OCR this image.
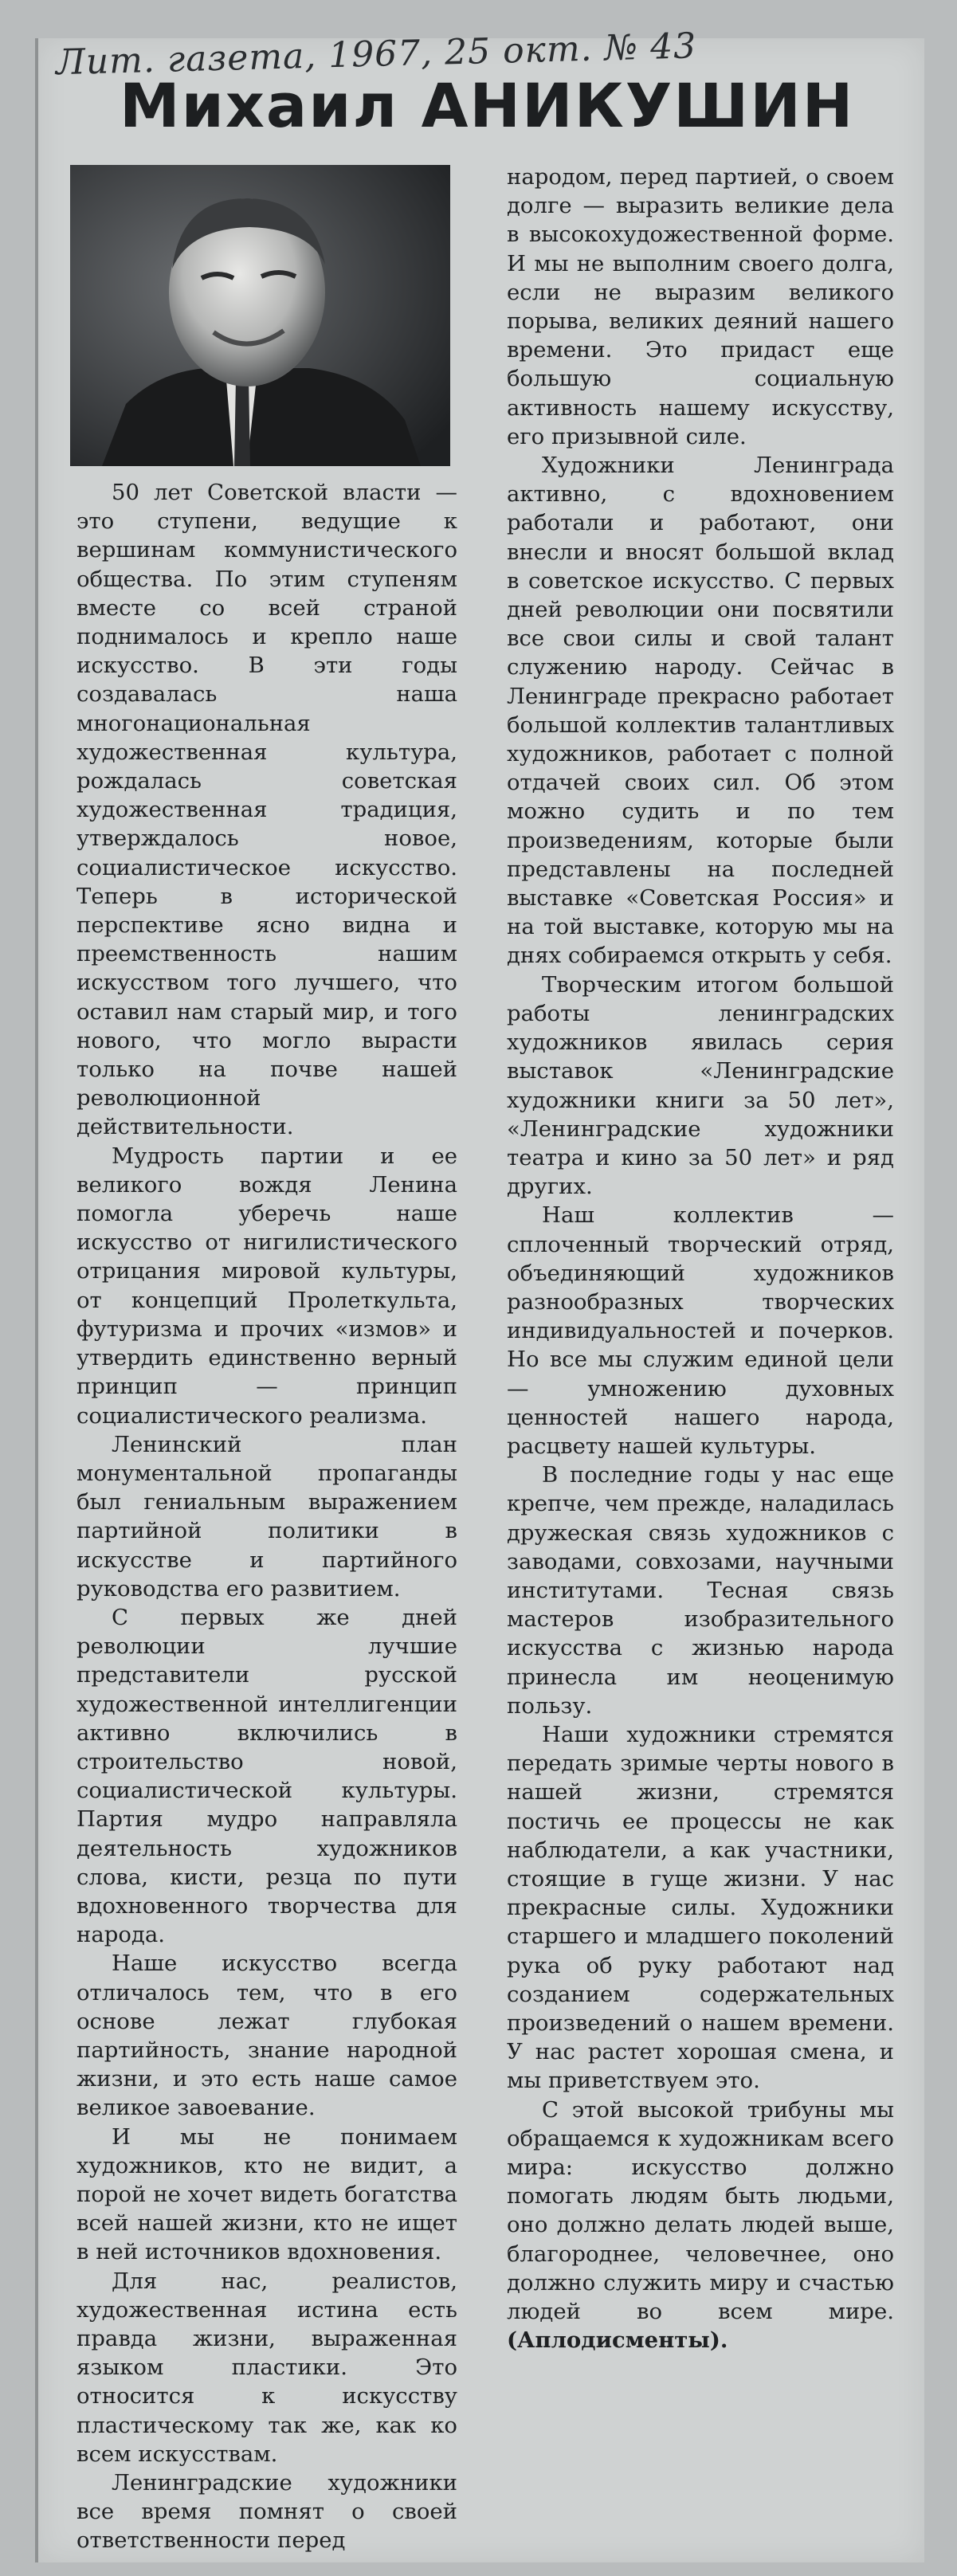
Лит. газета, 1967, 25 окт. № 43
Михаил АНИКУШИН

50 лет Советской власти — это ступени, ведущие к вершинам коммунистического общества. По этим ступеням вместе со всей страной поднималось и крепло наше искусство. В эти годы создавалась наша многонациональная художественная культура, рождалась советская художественная традиция, утверждалось новое, социалистическое искусство. Теперь в исторической перспективе ясно видна и преемственность нашим искусством того лучшего, что оставил нам старый мир, и того нового, что могло вырасти только на почве нашей революционной действительности.

Мудрость партии и ее великого вождя Ленина помогла уберечь наше искусство от нигилистического отрицания мировой культуры, от концепций Пролеткульта, футуризма и прочих «измов» и утвердить единственно верный принцип — принцип социалистического реализма.

Ленинский план монументальной пропаганды был гениальным выражением партийной политики в искусстве и партийного руководства его развитием.

С первых же дней революции лучшие представители русской художественной интеллигенции активно включились в строительство новой, социалистической культуры. Партия мудро направляла деятельность художников слова, кисти, резца по пути вдохновенного творчества для народа.

Наше искусство всегда отличалось тем, что в его основе лежат глубокая партийность, знание народной жизни, и это есть наше самое великое завоевание.

И мы не понимаем художников, кто не видит, а порой не хочет видеть богатства всей нашей жизни, кто не ищет в ней источников вдохновения.

Для нас, реалистов, художественная истина есть правда жизни, выраженная языком пластики. Это относится к искусству пластическому так же, как ко всем искусствам.

Ленинградские художники все время помнят о своей ответственности перед

народом, перед партией, о своем долге — выразить великие дела в высокохудожественной форме. И мы не выполним своего долга, если не выразим великого порыва, великих деяний нашего времени. Это придаст еще большую социальную активность нашему искусству, его призывной силе.

Художники Ленинграда активно, с вдохновением работали и работают, они внесли и вносят большой вклад в советское искусство. С первых дней революции они посвятили все свои силы и свой талант служению народу. Сейчас в Ленинграде прекрасно работает большой коллектив талантливых художников, работает с полной отдачей своих сил. Об этом можно судить и по тем произведениям, которые были представлены на последней выставке «Советская Россия» и на той выставке, которую мы на днях собираемся открыть у себя.

Творческим итогом большой работы ленинградских художников явилась серия выставок «Ленинградские художники книги за 50 лет», «Ленинградские художники театра и кино за 50 лет» и ряд других.

Наш коллектив — сплоченный творческий отряд, объединяющий художников разнообразных творческих индивидуальностей и почерков. Но все мы служим единой цели — умножению духовных ценностей нашего народа, расцвету нашей культуры.

В последние годы у нас еще крепче, чем прежде, наладилась дружеская связь художников с заводами, совхозами, научными институтами. Тесная связь мастеров изобразительного искусства с жизнью народа принесла им неоценимую пользу.

Наши художники стремятся передать зримые черты нового в нашей жизни, стремятся постичь ее процессы не как наблюдатели, а как участники, стоящие в гуще жизни. У нас прекрасные силы. Художники старшего и младшего поколений рука об руку работают над созданием содержательных произведений о нашем времени. У нас растет хорошая смена, и мы приветствуем это.

С этой высокой трибуны мы обращаемся к художникам всего мира: искусство должно помогать людям быть людьми, оно должно делать людей выше, благороднее, человечнее, оно должно служить миру и счастью людей во всем мире. (Аплодисменты).
